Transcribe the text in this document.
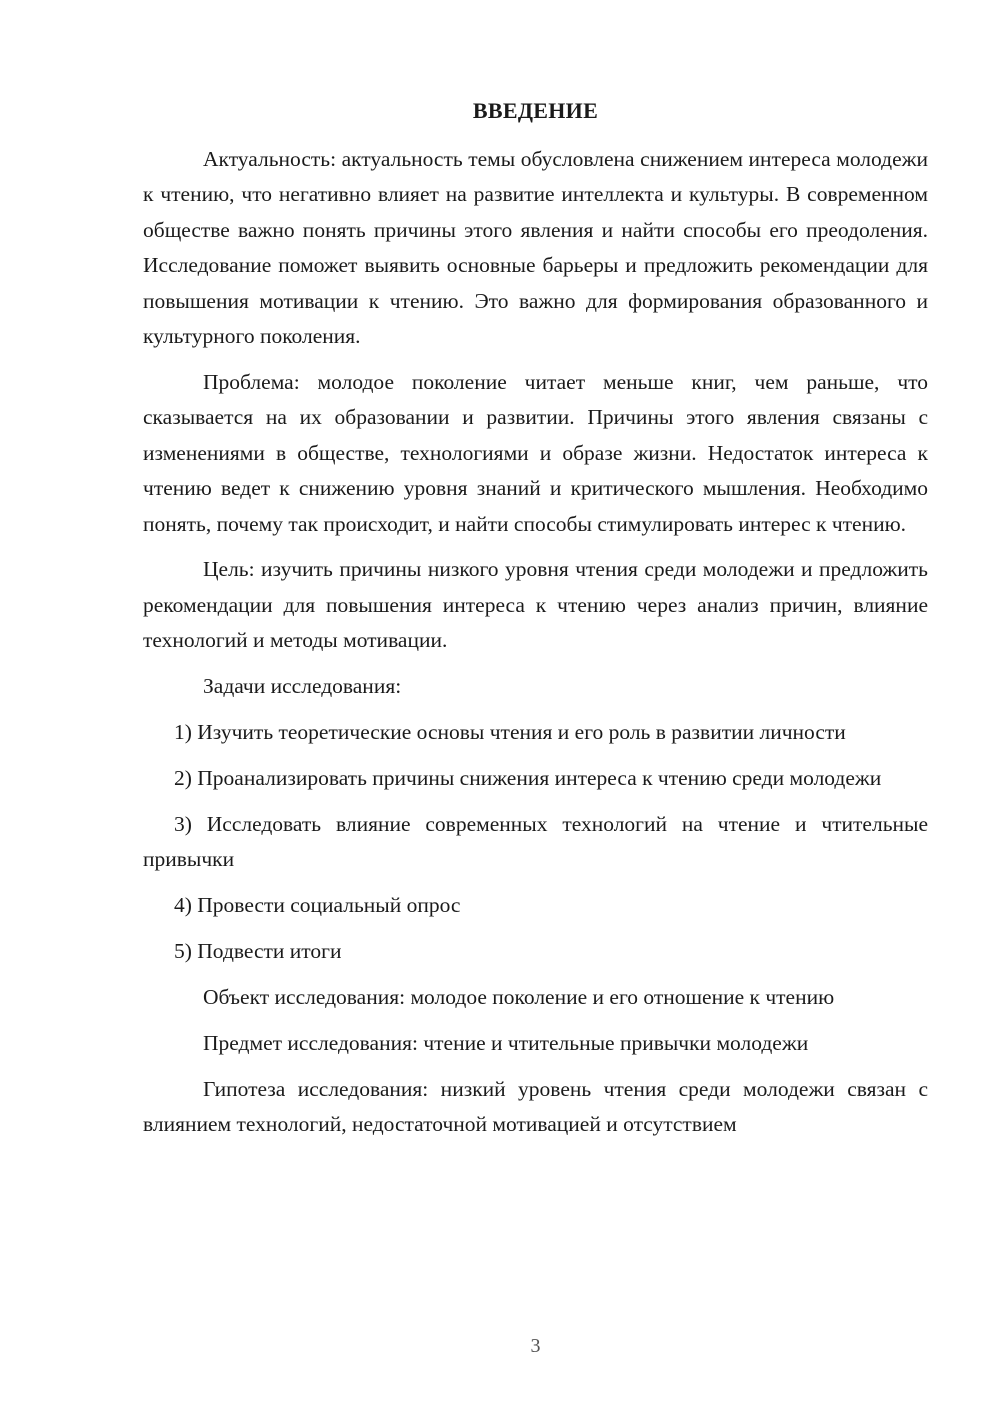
ВВЕДЕНИЕ

Актуальность: актуальность темы обусловлена снижением интереса молодежи к чтению, что негативно влияет на развитие интеллекта и культуры. В современном обществе важно понять причины этого явления и найти способы его преодоления. Исследование поможет выявить основные барьеры и предложить рекомендации для повышения мотивации к чтению. Это важно для формирования образованного и культурного поколения.

Проблема: молодое поколение читает меньше книг, чем раньше, что сказывается на их образовании и развитии. Причины этого явления связаны с изменениями в обществе, технологиями и образе жизни. Недостаток интереса к чтению ведет к снижению уровня знаний и критического мышления. Необходимо понять, почему так происходит, и найти способы стимулировать интерес к чтению.

Цель: изучить причины низкого уровня чтения среди молодежи и предложить рекомендации для повышения интереса к чтению через анализ причин, влияние технологий и методы мотивации.

Задачи исследования:

1) Изучить теоретические основы чтения и его роль в развитии личности

2) Проанализировать причины снижения интереса к чтению среди молодежи

3) Исследовать влияние современных технологий на чтение и чтительные привычки

4) Провести социальный опрос

5) Подвести итоги

Объект исследования: молодое поколение и его отношение к чтению

Предмет исследования: чтение и чтительные привычки молодежи

Гипотеза исследования: низкий уровень чтения среди молодежи связан с влиянием технологий, недостаточной мотивацией и отсутствием

3
